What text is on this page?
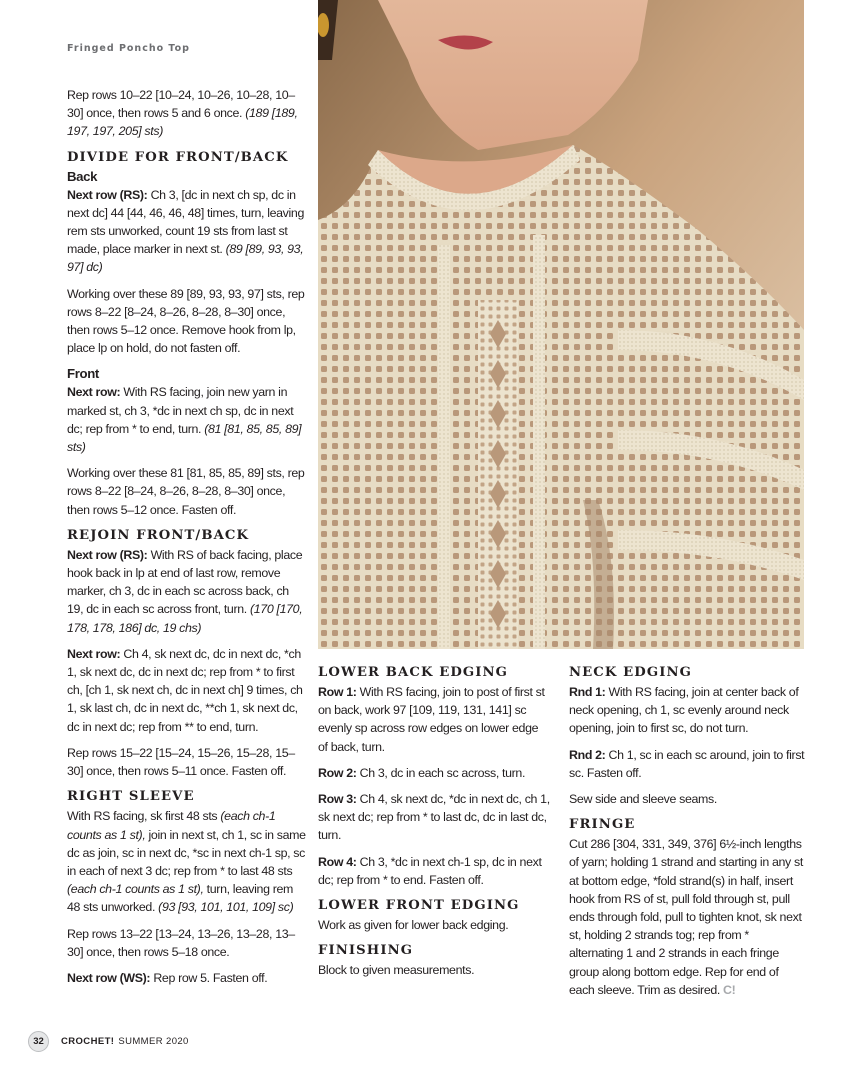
Fringed Poncho Top

Rep rows 10–22 [10–24, 10–26, 10–28, 10–30] once, then rows 5 and 6 once. (189 [189, 197, 197, 205] sts)

DIVIDE FOR FRONT/BACK
Back

Next row (RS): Ch 3, [dc in next ch sp, dc in next dc] 44 [44, 46, 46, 48] times, turn, leaving rem sts unworked, count 19 sts from last st made, place marker in next st. (89 [89, 93, 93, 97] dc)

Working over these 89 [89, 93, 93, 97] sts, rep rows 8–22 [8–24, 8–26, 8–28, 8–30] once, then rows 5–12 once. Remove hook from lp, place lp on hold, do not fasten off.

Front

Next row: With RS facing, join new yarn in marked st, ch 3, *dc in next ch sp, dc in next dc; rep from * to end, turn. (81 [81, 85, 85, 89] sts)

Working over these 81 [81, 85, 85, 89] sts, rep rows 8–22 [8–24, 8–26, 8–28, 8–30] once, then rows 5–12 once. Fasten off.

REJOIN FRONT/BACK

Next row (RS): With RS of back facing, place hook back in lp at end of last row, remove marker, ch 3, dc in each sc across back, ch 19, dc in each sc across front, turn. (170 [170, 178, 178, 186] dc, 19 chs)

Next row: Ch 4, sk next dc, dc in next dc, *ch 1, sk next dc, dc in next dc; rep from * to first ch, [ch 1, sk next ch, dc in next ch] 9 times, ch 1, sk last ch, dc in next dc, **ch 1, sk next dc, dc in next dc; rep from ** to end, turn.

Rep rows 15–22 [15–24, 15–26, 15–28, 15–30] once, then rows 5–11 once. Fasten off.

RIGHT SLEEVE

With RS facing, sk first 48 sts (each ch-1 counts as 1 st), join in next st, ch 1, sc in same dc as join, sc in next dc, *sc in next ch-1 sp, sc in each of next 3 dc; rep from * to last 48 sts (each ch-1 counts as 1 st), turn, leaving rem 48 sts unworked. (93 [93, 101, 101, 109] sc)

Rep rows 13–22 [13–24, 13–26, 13–28, 13–30] once, then rows 5–18 once.

Next row (WS): Rep row 5. Fasten off.

LOWER BACK EDGING

Row 1: With RS facing, join to post of first st on back, work 97 [109, 119, 131, 141] sc evenly sp across row edges on lower edge of back, turn.

Row 2: Ch 3, dc in each sc across, turn.

Row 3: Ch 4, sk next dc, *dc in next dc, ch 1, sk next dc; rep from * to last dc, dc in last dc, turn.

Row 4: Ch 3, *dc in next ch-1 sp, dc in next dc; rep from * to end. Fasten off.

LOWER FRONT EDGING

Work as given for lower back edging.

FINISHING

Block to given measurements.

NECK EDGING

Rnd 1: With RS facing, join at center back of neck opening, ch 1, sc evenly around neck opening, join to first sc, do not turn.

Rnd 2: Ch 1, sc in each sc around, join to first sc. Fasten off.

Sew side and sleeve seams.

FRINGE

Cut 286 [304, 331, 349, 376] 6½-inch lengths of yarn; holding 1 strand and starting in any st at bottom edge, *fold strand(s) in half, insert hook from RS of st, pull fold through st, pull ends through fold, pull to tighten knot, sk next st, holding 2 strands tog; rep from * alternating 1 and 2 strands in each fringe group along bottom edge. Rep for end of each sleeve. Trim as desired. C!

32	CROCHET! SUMMER 2020
